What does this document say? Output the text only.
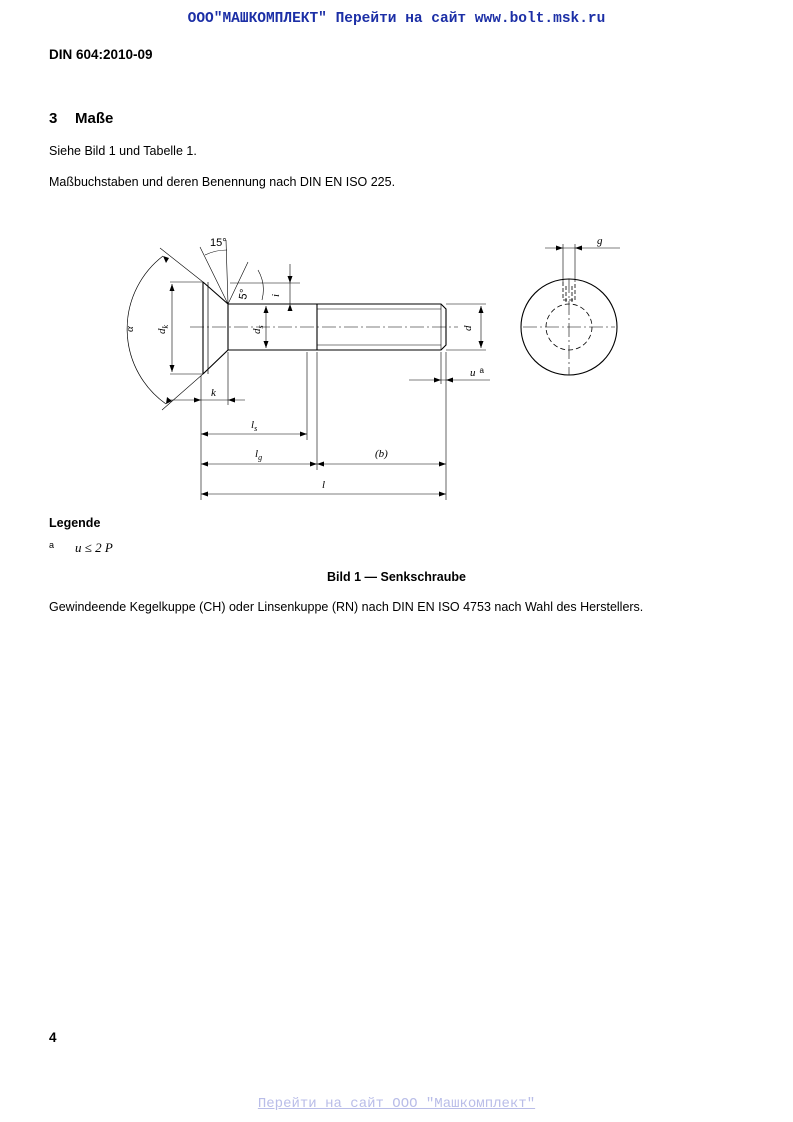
ООО"МАШКОМПЛЕКТ" Перейти на сайт www.bolt.msk.ru
DIN 604:2010-09
3 Maße
Siehe Bild 1 und Tabelle 1.
Maßbuchstaben und deren Benennung nach DIN EN ISO 225.
15°
5°
α $d_k$
$d_s$	d
i
k
$l_s$
$l_g$	(b)
l
u $^a$
g
Legende
a u ≤ 2 P
Bild 1 — Senkschraube
Gewindeende Kegelkuppe (CH) oder Linsenkuppe (RN) nach DIN EN ISO 4753 nach Wahl des Herstellers.
4
Перейти на сайт ООО "Машкомплект"
